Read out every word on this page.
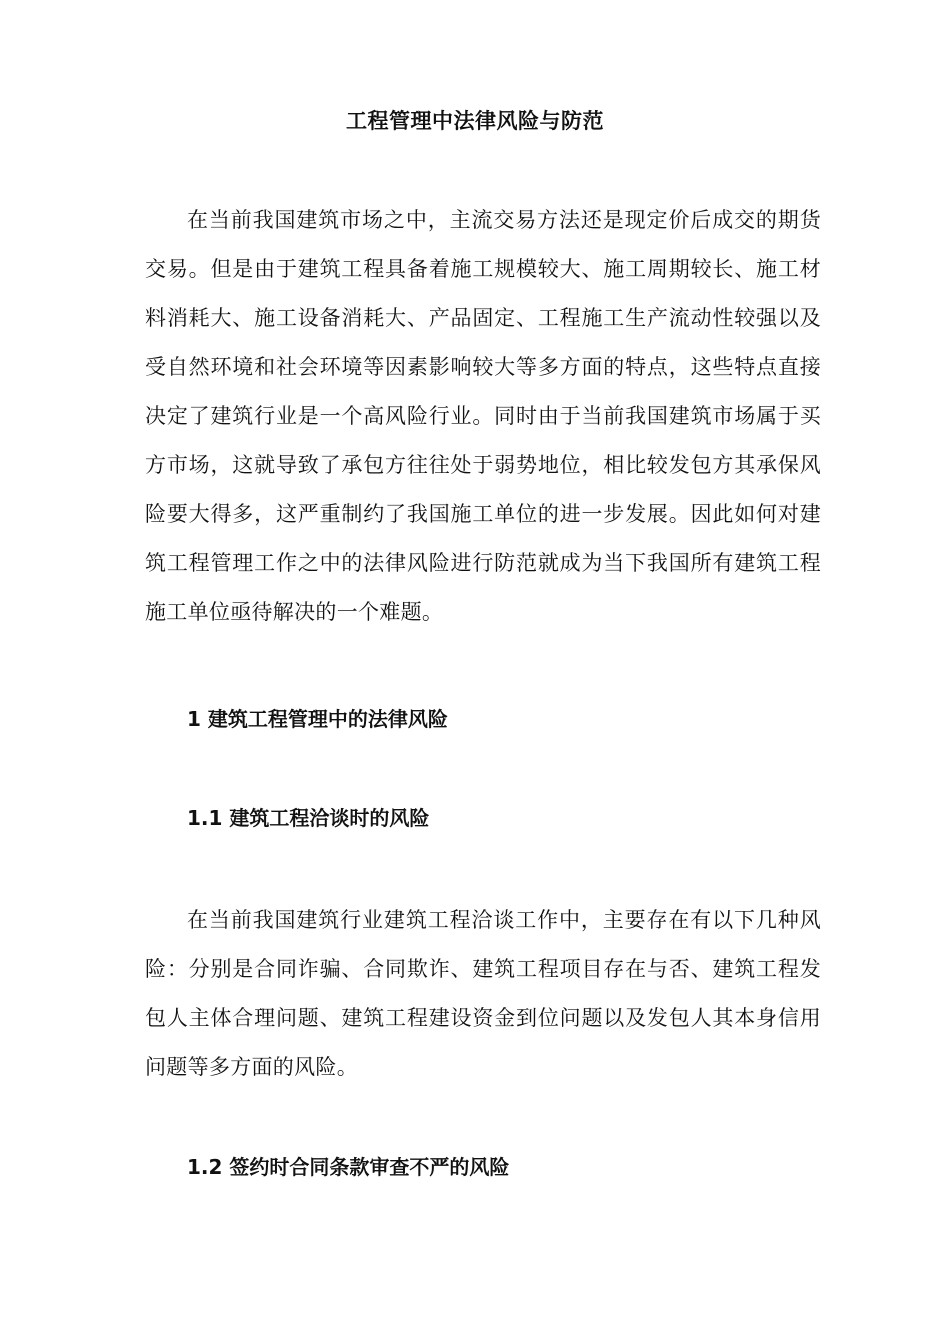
工程管理中法律风险与防范

在当前我国建筑市场之中，主流交易方法还是现定价后成交的期货交易。但是由于建筑工程具备着施工规模较大、施工周期较长、施工材料消耗大、施工设备消耗大、产品固定、工程施工生产流动性较强以及受自然环境和社会环境等因素影响较大等多方面的特点，这些特点直接决定了建筑行业是一个高风险行业。同时由于当前我国建筑市场属于买方市场，这就导致了承包方往往处于弱势地位，相比较发包方其承保风险要大得多，这严重制约了我国施工单位的进一步发展。因此如何对建筑工程管理工作之中的法律风险进行防范就成为当下我国所有建筑工程施工单位亟待解决的一个难题。

1 建筑工程管理中的法律风险
1.1 建筑工程洽谈时的风险

在当前我国建筑行业建筑工程洽谈工作中，主要存在有以下几种风险：分别是合同诈骗、合同欺诈、建筑工程项目存在与否、建筑工程发包人主体合理问题、建筑工程建设资金到位问题以及发包人其本身信用问题等多方面的风险。

1.2 签约时合同条款审查不严的风险
